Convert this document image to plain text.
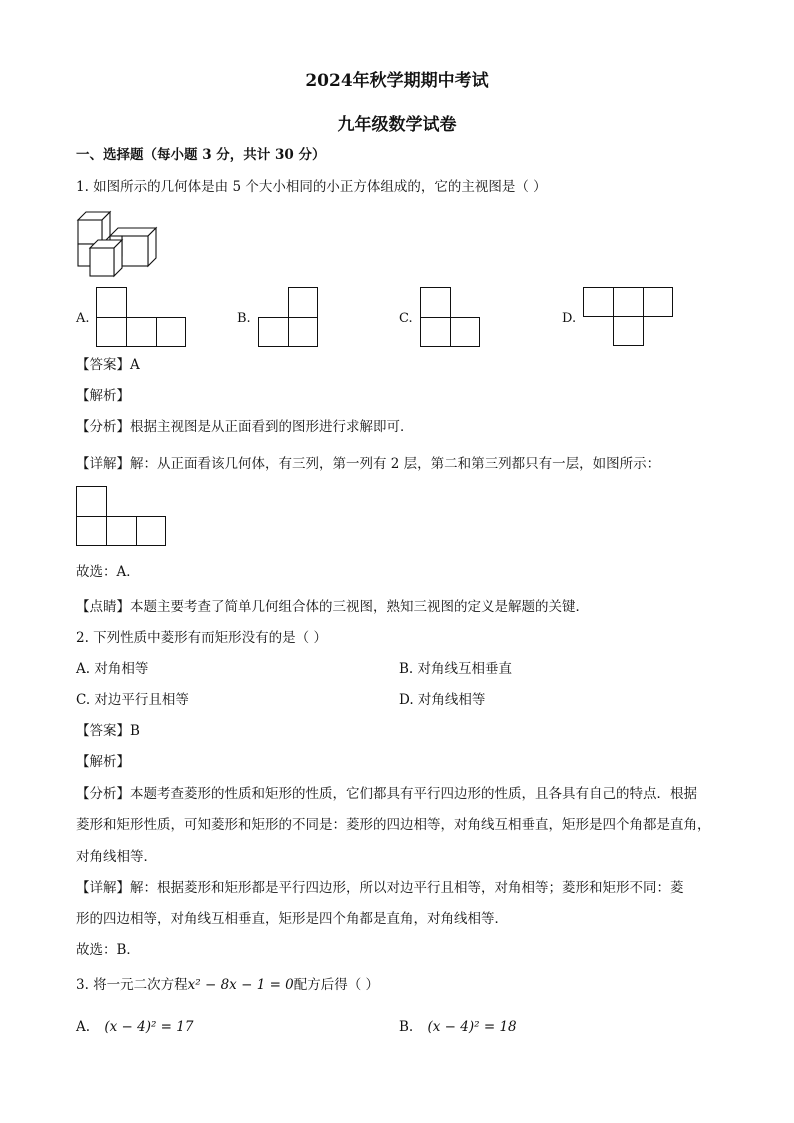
2024年秋学期期中考试
九年级数学试卷
一、选择题（每小题 3 分，共计 30 分）
1. 如图所示的几何体是由 5 个大小相同的小正方体组成的，它的主视图是（ ）
A.	B.	C.	D.
【答案】A
【解析】
【分析】根据主视图是从正面看到的图形进行求解即可．
【详解】解：从正面看该几何体，有三列，第一列有 2 层，第二和第三列都只有一层，如图所示：
故选：A．
【点睛】本题主要考查了简单几何组合体的三视图，熟知三视图的定义是解题的关键．
2. 下列性质中菱形有而矩形没有的是（ ）
A. 对角相等	B. 对角线互相垂直
C. 对边平行且相等	D. 对角线相等
【答案】B
【解析】
【分析】本题考查菱形的性质和矩形的性质，它们都具有平行四边形的性质，且各具有自己的特点．根据
菱形和矩形性质，可知菱形和矩形的不同是：菱形的四边相等，对角线互相垂直，矩形是四个角都是直角，
对角线相等．
【详解】解：根据菱形和矩形都是平行四边形，所以对边平行且相等，对角相等；菱形和矩形不同：菱
形的四边相等，对角线互相垂直，矩形是四个角都是直角，对角线相等．
故选：B．
3. 将一元二次方程x² − 8x − 1 = 0配方后得（ ）
A. (x − 4)² = 17	B. (x − 4)² = 18
